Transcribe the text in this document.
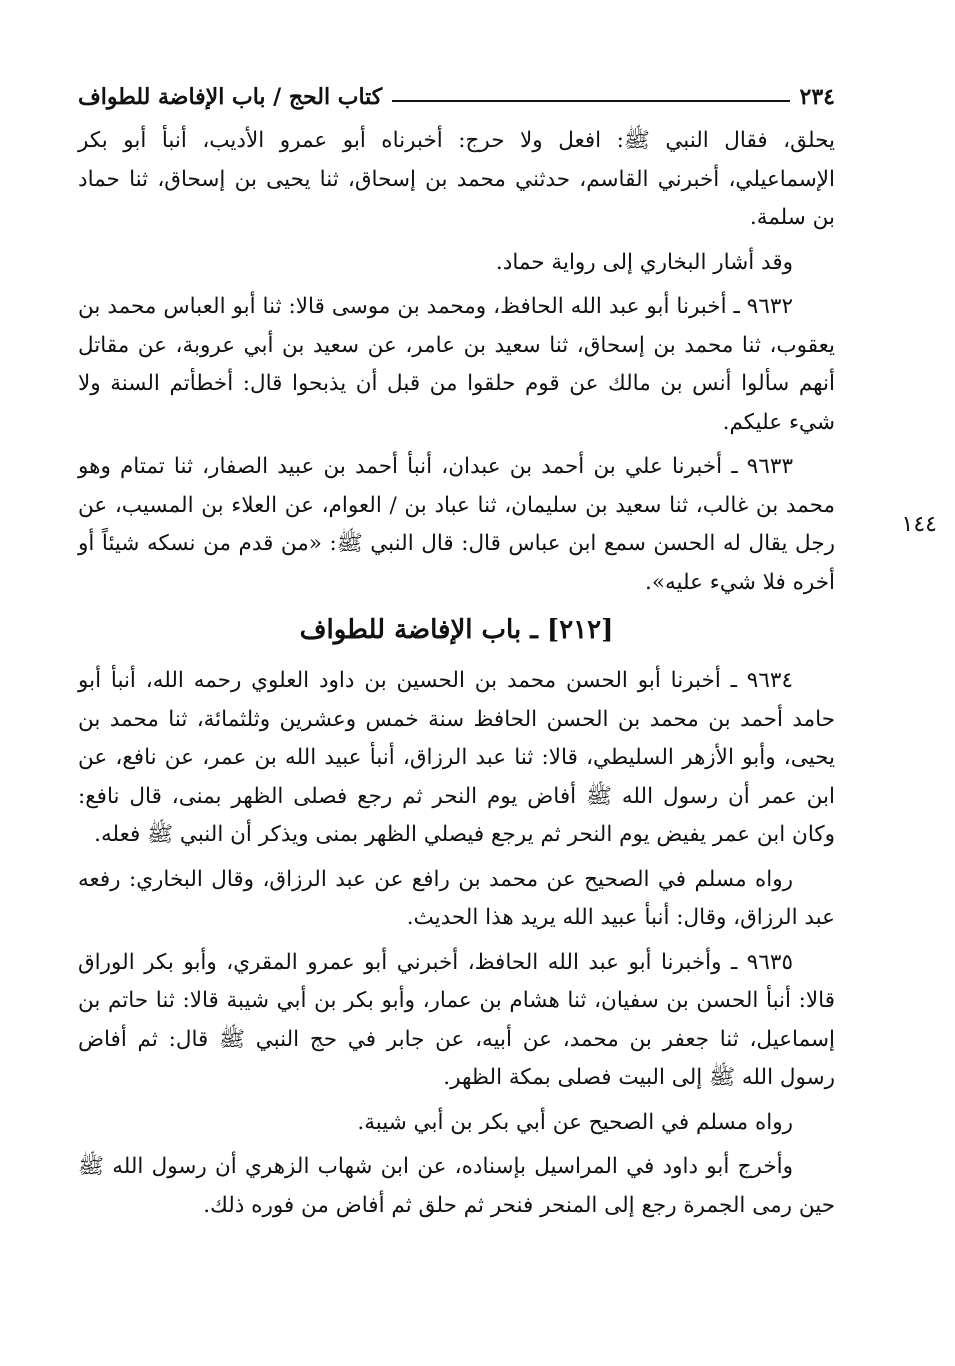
٢٣٤
كتاب الحج / باب الإفاضة للطواف
١٤٤

يحلق، فقال النبي ﷺ: افعل ولا حرج: أخبرناه أبو عمرو الأديب، أنبأ أبو بكر الإسماعيلي، أخبرني القاسم، حدثني محمد بن إسحاق، ثنا يحيى بن إسحاق، ثنا حماد بن سلمة.

وقد أشار البخاري إلى رواية حماد.

٩٦٣٢ ـ أخبرنا أبو عبد الله الحافظ، ومحمد بن موسى قالا: ثنا أبو العباس محمد بن يعقوب، ثنا محمد بن إسحاق، ثنا سعيد بن عامر، عن سعيد بن أبي عروبة، عن مقاتل أنهم سألوا أنس بن مالك عن قوم حلقوا من قبل أن يذبحوا قال: أخطأتم السنة ولا شيء عليكم.

٩٦٣٣ ـ أخبرنا علي بن أحمد بن عبدان، أنبأ أحمد بن عبيد الصفار، ثنا تمتام وهو محمد بن غالب، ثنا سعيد بن سليمان، ثنا عباد بن / العوام، عن العلاء بن المسيب، عن رجل يقال له الحسن سمع ابن عباس قال: قال النبي ﷺ: «من قدم من نسكه شيئاً أو أخره فلا شيء عليه».

[٢١٢] ـ باب الإفاضة للطواف

٩٦٣٤ ـ أخبرنا أبو الحسن محمد بن الحسين بن داود العلوي رحمه الله، أنبأ أبو حامد أحمد بن محمد بن الحسن الحافظ سنة خمس وعشرين وثلثمائة، ثنا محمد بن يحيى، وأبو الأزهر السليطي، قالا: ثنا عبد الرزاق، أنبأ عبيد الله بن عمر، عن نافع، عن ابن عمر أن رسول الله ﷺ أفاض يوم النحر ثم رجع فصلى الظهر بمنى، قال نافع: وكان ابن عمر يفيض يوم النحر ثم يرجع فيصلي الظهر بمنى ويذكر أن النبي ﷺ فعله.

رواه مسلم في الصحيح عن محمد بن رافع عن عبد الرزاق، وقال البخاري: رفعه عبد الرزاق، وقال: أنبأ عبيد الله يريد هذا الحديث.

٩٦٣٥ ـ وأخبرنا أبو عبد الله الحافظ، أخبرني أبو عمرو المقري، وأبو بكر الوراق قالا: أنبأ الحسن بن سفيان، ثنا هشام بن عمار، وأبو بكر بن أبي شيبة قالا: ثنا حاتم بن إسماعيل، ثنا جعفر بن محمد، عن أبيه، عن جابر في حج النبي ﷺ قال: ثم أفاض رسول الله ﷺ إلى البيت فصلى بمكة الظهر.

رواه مسلم في الصحيح عن أبي بكر بن أبي شيبة.

وأخرج أبو داود في المراسيل بإسناده، عن ابن شهاب الزهري أن رسول الله ﷺ حين رمى الجمرة رجع إلى المنحر فنحر ثم حلق ثم أفاض من فوره ذلك.
